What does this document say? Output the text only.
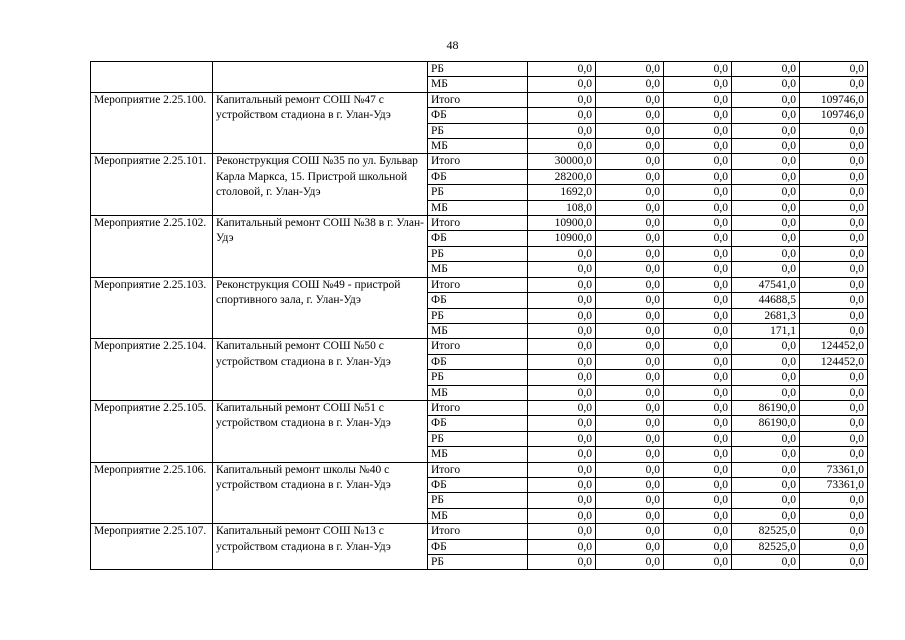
48
		РБ	0,0	0,0	0,0	0,0	0,0
		МБ	0,0	0,0	0,0	0,0	0,0
Мероприятие 2.25.100.	Капитальный ремонт СОШ №47 с устройством стадиона в г. Улан-Удэ	Итого	0,0	0,0	0,0	0,0	109746,0
		ФБ	0,0	0,0	0,0	0,0	109746,0
		РБ	0,0	0,0	0,0	0,0	0,0
		МБ	0,0	0,0	0,0	0,0	0,0
Мероприятие 2.25.101.	Реконструкция СОШ №35 по ул. Бульвар Карла Маркса, 15. Пристрой школьной столовой, г. Улан-Удэ	Итого	30000,0	0,0	0,0	0,0	0,0
		ФБ	28200,0	0,0	0,0	0,0	0,0
		РБ	1692,0	0,0	0,0	0,0	0,0
		МБ	108,0	0,0	0,0	0,0	0,0
Мероприятие 2.25.102.	Капитальный ремонт СОШ №38 в г. Улан-Удэ	Итого	10900,0	0,0	0,0	0,0	0,0
		ФБ	10900,0	0,0	0,0	0,0	0,0
		РБ	0,0	0,0	0,0	0,0	0,0
		МБ	0,0	0,0	0,0	0,0	0,0
Мероприятие 2.25.103.	Реконструкция СОШ №49 - пристрой спортивного зала, г. Улан-Удэ	Итого	0,0	0,0	0,0	47541,0	0,0
		ФБ	0,0	0,0	0,0	44688,5	0,0
		РБ	0,0	0,0	0,0	2681,3	0,0
		МБ	0,0	0,0	0,0	171,1	0,0
Мероприятие 2.25.104.	Капитальный ремонт СОШ №50 с устройством стадиона в г. Улан-Удэ	Итого	0,0	0,0	0,0	0,0	124452,0
		ФБ	0,0	0,0	0,0	0,0	124452,0
		РБ	0,0	0,0	0,0	0,0	0,0
		МБ	0,0	0,0	0,0	0,0	0,0
Мероприятие 2.25.105.	Капитальный ремонт СОШ №51 с устройством стадиона в г. Улан-Удэ	Итого	0,0	0,0	0,0	86190,0	0,0
		ФБ	0,0	0,0	0,0	86190,0	0,0
		РБ	0,0	0,0	0,0	0,0	0,0
		МБ	0,0	0,0	0,0	0,0	0,0
Мероприятие 2.25.106.	Капитальный ремонт школы №40 с устройством стадиона в г. Улан-Удэ	Итого	0,0	0,0	0,0	0,0	73361,0
		ФБ	0,0	0,0	0,0	0,0	73361,0
		РБ	0,0	0,0	0,0	0,0	0,0
		МБ	0,0	0,0	0,0	0,0	0,0
Мероприятие 2.25.107.	Капитальный ремонт СОШ №13 с устройством стадиона в г. Улан-Удэ	Итого	0,0	0,0	0,0	82525,0	0,0
		ФБ	0,0	0,0	0,0	82525,0	0,0
		РБ	0,0	0,0	0,0	0,0	0,0
